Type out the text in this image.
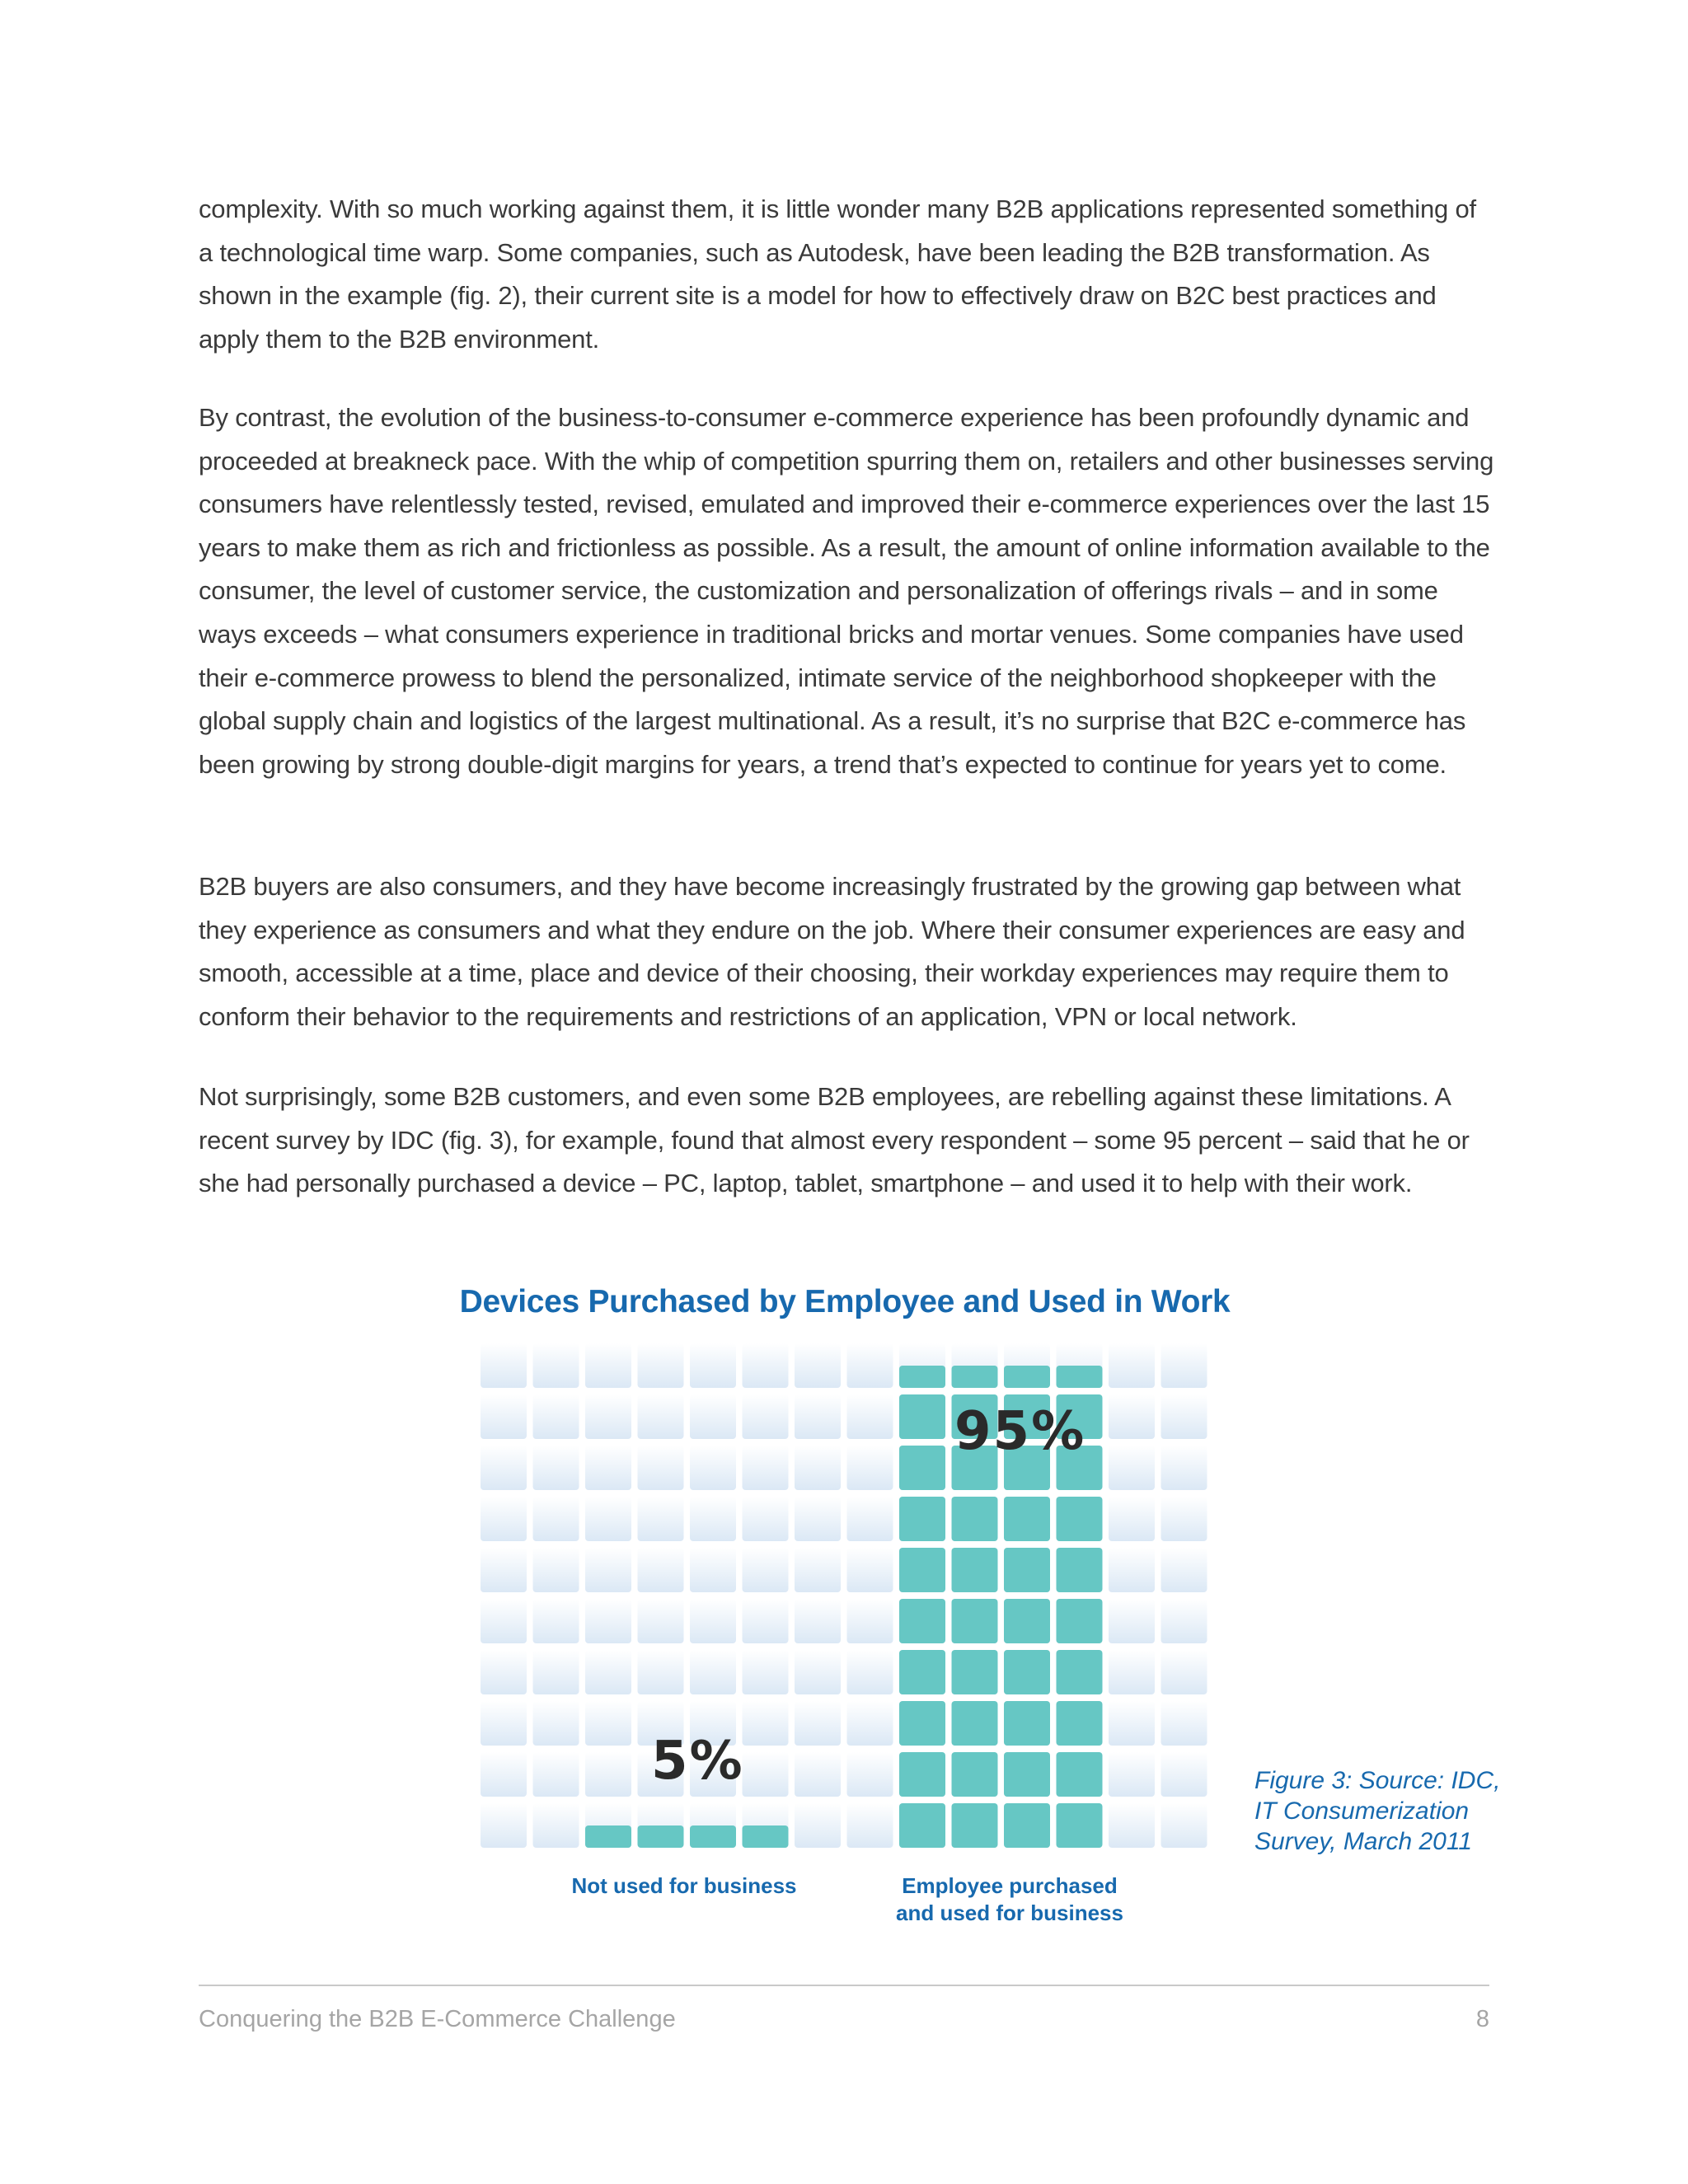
complexity. With so much working against them, it is little wonder many B2B applications represented something of a technological time warp. Some companies, such as Autodesk, have been leading the B2B transformation. As shown in the example (fig. 2), their current site is a model for how to effectively draw on B2C best practices and apply them to the B2B environment.

By contrast, the evolution of the business-to-consumer e-commerce experience has been profoundly dynamic and proceeded at breakneck pace. With the whip of competition spurring them on, retailers and other businesses serving consumers have relentlessly tested, revised, emulated and improved their e-commerce experiences over the last 15 years to make them as rich and frictionless as possible. As a result, the amount of online information available to the consumer, the level of customer service, the customization and personalization of offerings rivals – and in some ways exceeds – what consumers experience in traditional bricks and mortar venues. Some companies have used their e-commerce prowess to blend the personalized, intimate service of the neighborhood shopkeeper with the global supply chain and logistics of the largest multinational. As a result, it’s no surprise that B2C e-commerce has been growing by strong double-digit margins for years, a trend that’s expected to continue for years yet to come.

B2B buyers are also consumers, and they have become increasingly frustrated by the growing gap between what they experience as consumers and what they endure on the job. Where their consumer experiences are easy and smooth, accessible at a time, place and device of their choosing, their workday experiences may require them to conform their behavior to the requirements and restrictions of an application, VPN or local network.

Not surprisingly, some B2B customers, and even some B2B employees, are rebelling against these limitations. A recent survey by IDC (fig. 3), for example, found that almost every respondent – some 95 percent – said that he or she had personally purchased a device – PC, laptop, tablet, smartphone – and used it to help with their work.

Devices Purchased by Employee and Used in Work

5%

95%

Not used for business	Employee purchased
and used for business
Figure 3: Source: IDC,
IT Consumerization
Survey, March 2011

Conquering the B2B E-Commerce Challenge	8
